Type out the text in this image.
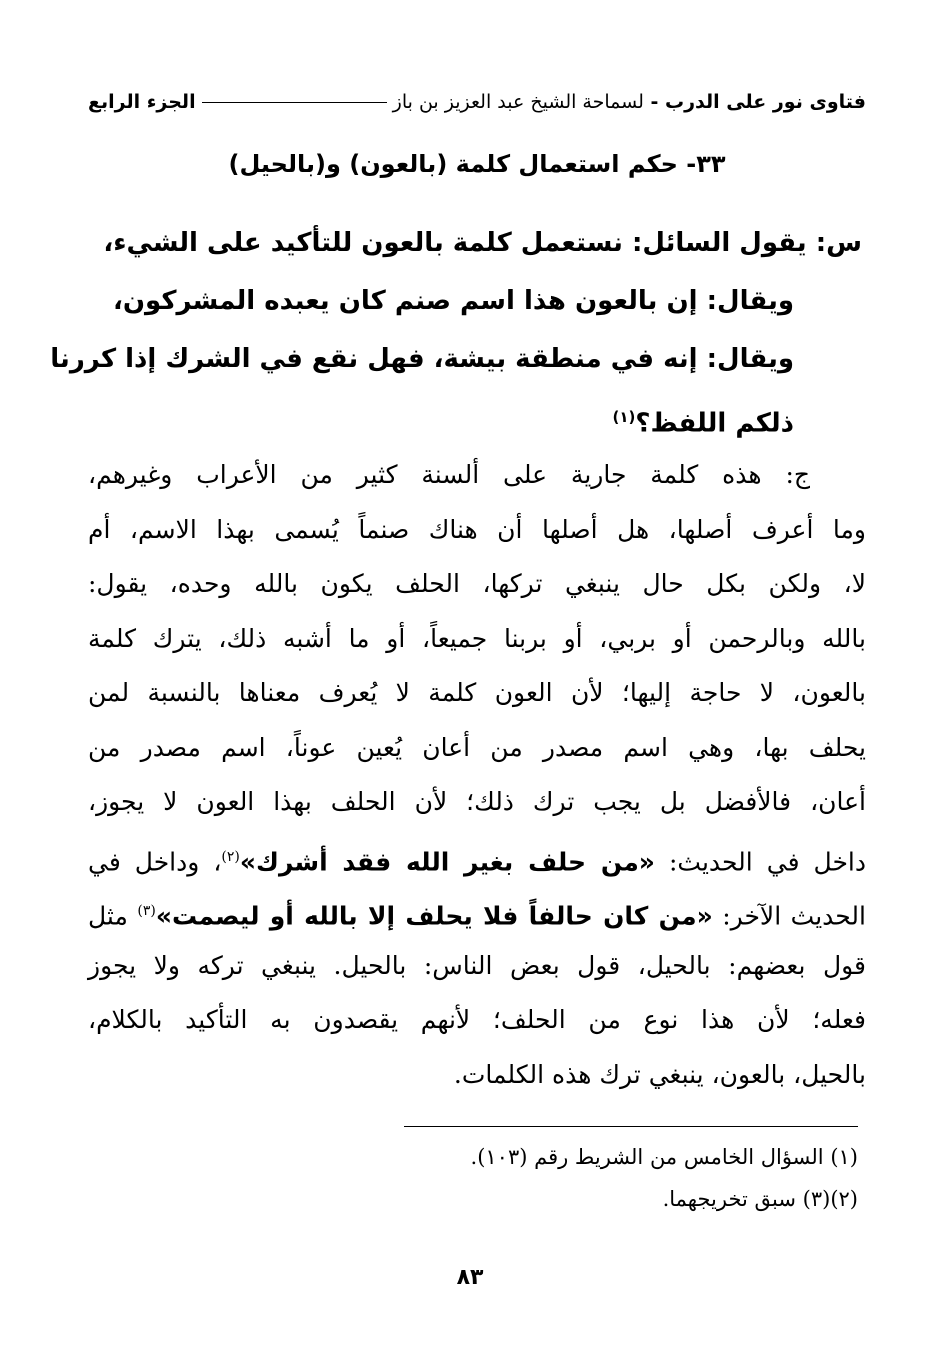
فتاوى نور على الدرب - لسماحة الشيخ عبد العزيز بن باز
الجزء الرابع
٣٣- حكم استعمال كلمة (بالعون) و(بالحيل)
س: يقول السائل: نستعمل كلمة بالعون للتأكيد على الشيء،
ويقال: إن بالعون هذا اسم صنم كان يعبده المشركون،
ويقال: إنه في منطقة بيشة، فهل نقع في الشرك إذا كررنا
ذلكم اللفظ؟$^{(١)}$
ج: هذه كلمة جارية على ألسنة كثير من الأعراب وغيرهم،
وما أعرف أصلها، هل أصلها أن هناك صنماً يُسمى بهذا الاسم، أم
لا، ولكن بكل حال ينبغي تركها، الحلف يكون بالله وحده، يقول:
بالله وبالرحمن أو بربي، أو بربنا جميعاً، أو ما أشبه ذلك، يترك كلمة
بالعون، لا حاجة إليها؛ لأن العون كلمة لا يُعرف معناها بالنسبة لمن
يحلف بها، وهي اسم مصدر من أعان يُعين عوناً، اسم مصدر من
أعان، فالأفضل بل يجب ترك ذلك؛ لأن الحلف بهذا العون لا يجوز،
داخل في الحديث: «من حلف بغير الله فقد أشرك»$^{(٢)}$، وداخل في
الحديث الآخر: «من كان حالفاً فلا يحلف إلا بالله أو ليصمت»$^{(٣)}$ مثل
قول بعضهم: بالحيل، قول بعض الناس: بالحيل. ينبغي تركه ولا يجوز
فعله؛ لأن هذا نوع من الحلف؛ لأنهم يقصدون به التأكيد بالكلام،
بالحيل، بالعون، ينبغي ترك هذه الكلمات.
(١) السؤال الخامس من الشريط رقم (١٠٣).
(٢)(٣) سبق تخريجهما.
٨٣
